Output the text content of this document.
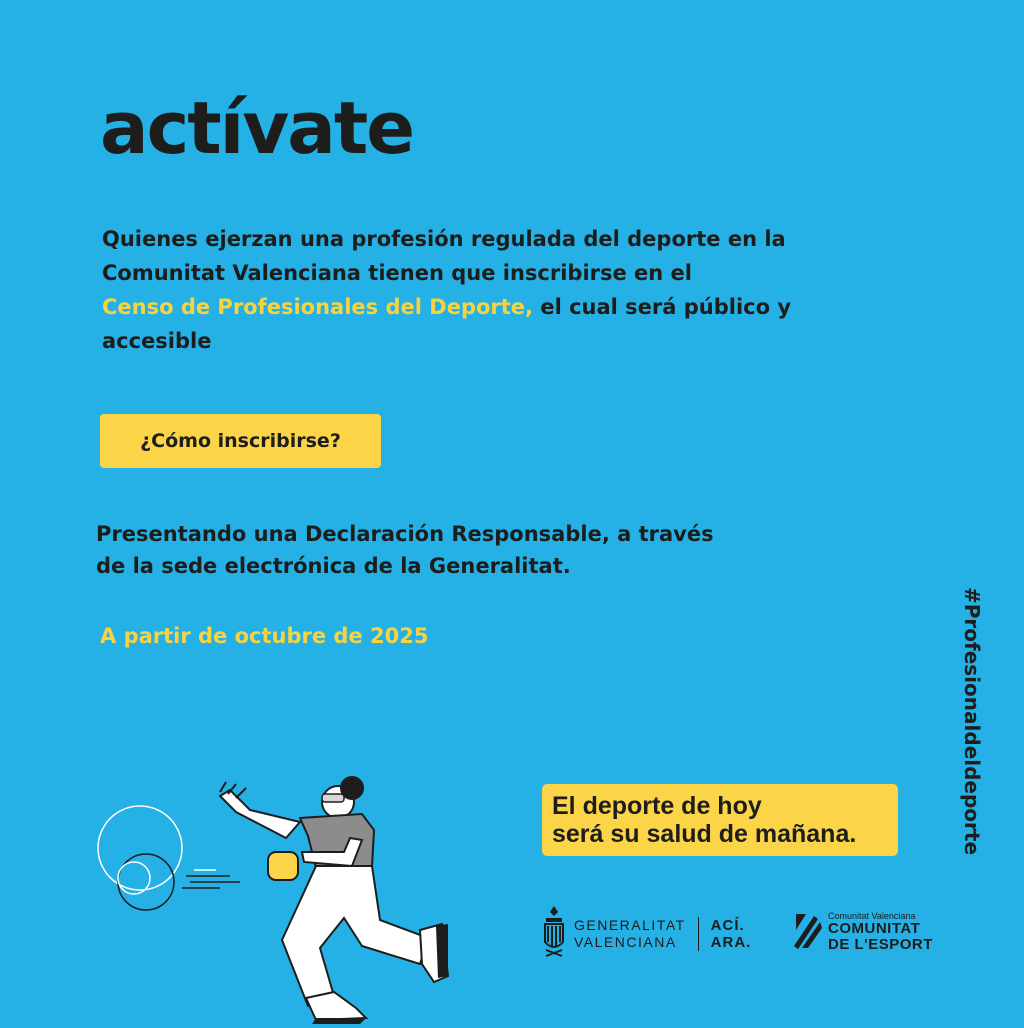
actívate

Quienes ejerzan una profesión regulada del deporte en la
Comunitat Valenciana tienen que inscribirse en el
Censo de Profesionales del Deporte, el cual será público y
accesible

¿Cómo inscribirse?

Presentando una Declaración Responsable, a través
de la sede electrónica de la Generalitat.

A partir de octubre de 2025	#Profesionaldeldeporte
El deporte de hoy
será su salud de mañana.
GENERALITAT
VALENCIANA
ACÍ.
ARA.
Comunitat Valenciana
COMUNITAT
DE L'ESPORT
